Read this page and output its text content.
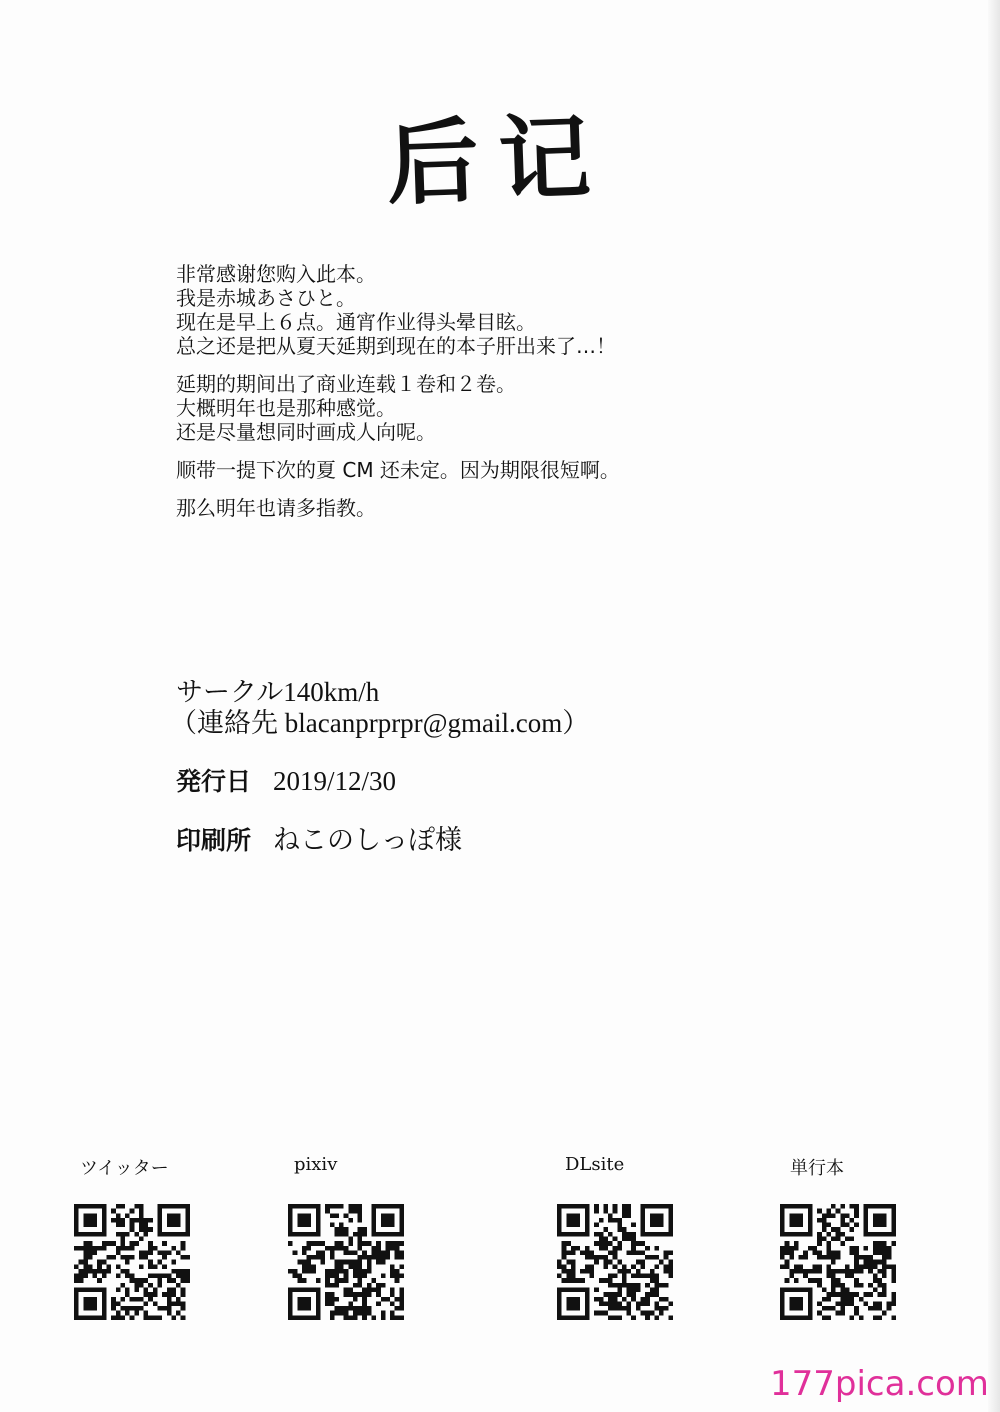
后记
非常感谢您购入此本。
我是赤城あさひと。
现在是早上６点。通宵作业得头晕目眩。
总之还是把从夏天延期到现在的本子肝出来了…！
延期的期间出了商业连载１卷和２卷。
大概明年也是那种感觉。
还是尽量想同时画成人向呢。
顺带一提下次的夏 CM 还未定。因为期限很短啊。
那么明年也请多指教。
サークル140km/h
（連絡先 blacanprprpr@gmail.com）
発行日 2019/12/30
印刷所 ねこのしっぽ様
ツイッター	pixiv	DLsite	単行本
177pica.com
